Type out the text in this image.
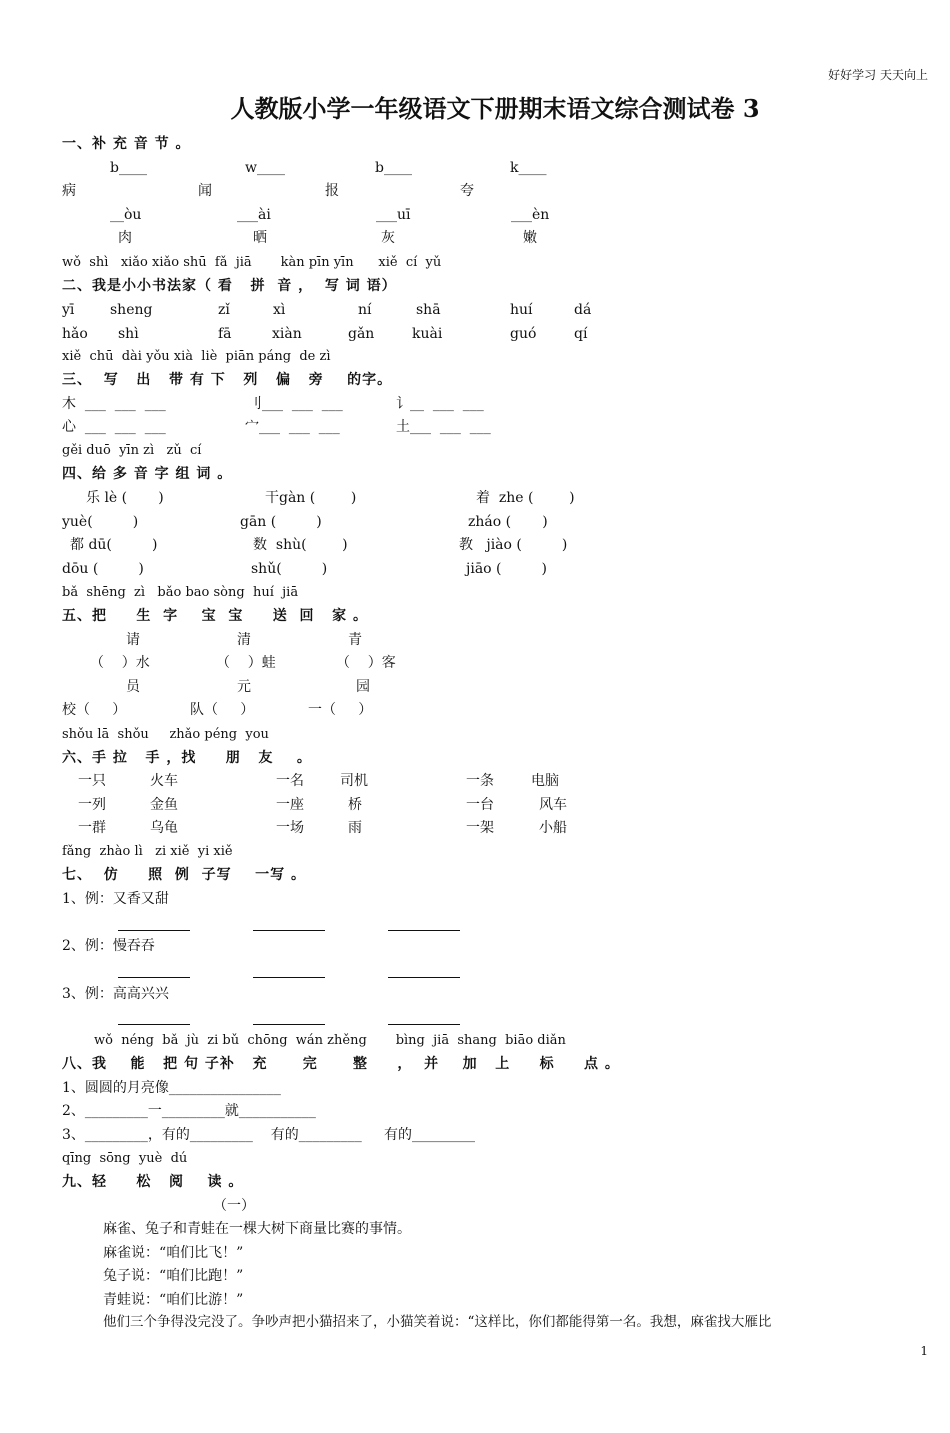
好好学习 天天向上
人教版小学一年级语文下册期末语文综合测试卷 3
一、补 充 音 节 。
b____	w____	b____	k____
病	闻	报	夸
__òu	___ài	___uī	___èn
肉	晒	灰	嫩
wǒ  shì   xiǎo xiǎo shū  fǎ  jiā       kàn pīn yīn      xiě  cí  yǔ
二、我是小小书法家（ 看   拼  音 ，  写 词 语）
yī	sheng	zǐ	xì	ní	shā	huí	dá
hǎo shì	fā	xiàn	gǎn	kuài	guó	qí
xiě  chū  dài yǒu xià  liè  piān páng  de zì
三、  写   出   带 有 下   列   偏   旁    的字。
木  ___  ___  ___	刂___  ___  ___	讠__  ___  ___
心  ___  ___  ___	宀___  ___  ___	土___  ___  ___
gěi duō  yīn zì   zǔ  cí
四、给 多 音 字 组 词 。
乐 lè (       )	干gàn (        )	着  zhe (        )
yuè(         )	gān (         )	zháo (       )
都 dū(         )	数  shù(        )	教   jiào (         )
dōu (         )	shǔ(         )	jiāo (         )
bǎ  shēng  zì   bǎo bao sòng  huí  jiā
五、把     生  字    宝  宝     送  回   家 。
请	清	青
（    ）水	（    ）蛙	（    ）客
员	元	园
校（     ）	队（     ）	一（     ）
shǒu lā  shǒu     zhǎo péng  you
六、手 拉   手 ，找     朋   友    。
一只	火车	一名	司机	一条	电脑
一列	金鱼	一座	桥	一台	风车
一群	乌龟	一场	雨	一架	小船
fǎng  zhào lì   zi xiě  yi xiě
七、  仿     照  例  子写    一写 。
1、例：又香又甜
2、例：慢吞吞
3、例：高高兴兴
wǒ  néng  bǎ  jù  zi bǔ  chōng  wán zhěng       bìng  jiā  shang  biāo diǎn
八、我    能   把 句 子补   充      完      整     ，  并    加   上     标     点 。
1、圆圆的月亮像________________
2、_________一_________就___________
3、_________，有的_________    有的_________     有的_________
qīng  sōng  yuè  dú
九、轻     松   阅    读 。
（一）
麻雀、兔子和青蛙在一棵大树下商量比赛的事情。
麻雀说：“咱们比飞！”
兔子说：“咱们比跑！”
青蛙说：“咱们比游！”
他们三个争得没完没了。争吵声把小猫招来了，小猫笑着说：“这样比，你们都能得第一名。我想，麻雀找大雁比
1
